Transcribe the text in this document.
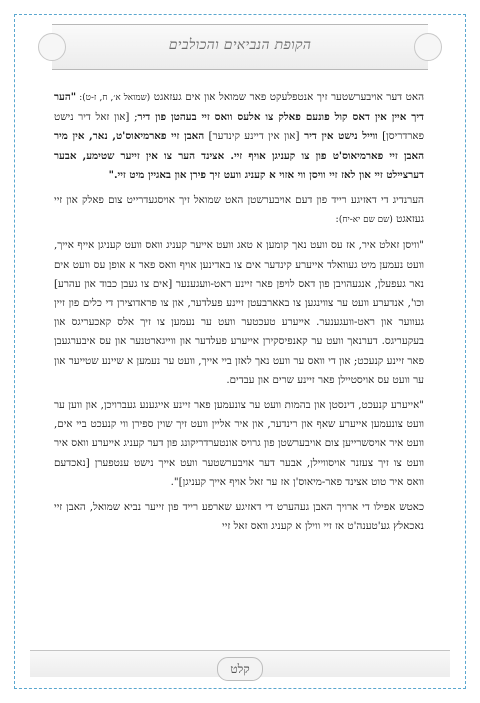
הקופת הנביאים והכולבים

האט דער אויבערשטער זיך אנטפלעקט פאר שמואל און אים געזאגט (שמואל א׳, ח, ז-ט): "הער דיך איין אין דאס קול פונעם פאלק צו אלעס וואס זיי בעהטן פון דיר; [און זאל דיר נישט פארדריסן] ווייל נישט אין דיר [און אין דיינע קינדער] האבן זיי פארמיאוס'ט, נאר, אין מיר האבן זיי פארמיאוס'ט פון צו קעניגן אויף זיי. אצינד הער צו אין זייער שטימע, אבער דערציילט זיי און לאז זיי וויסן ווי אזוי א קעניג וועט זיך פירן און באגיין מיט זיי."

הערנדיג די דאזיגע רייד פון דעם אויבערשטן האט שמואל זיך אויסגעדרייט צום פאלק און זיי געזאגט (שם שם יא-יח):

"וויסן זאלט איר, אז עס וועט נאך קומען א טאג וועט אייער קעניג וואס וועט קעניגן אייף אייך, וועט נעמען מיט געוואלד אייערע קינדער אים צו באדינען אויף וואס פאר א אופן עס וועט אים נאר געפעלן, אנגעהויבן פון דאס לויפן פאר זיינע ראט-וועגענער [אים צו געבן כבוד און עהרע] וכו', אנדערע וועט ער צווינגען צו באארבעטן זיינע פעלדער, און צו פראדוצירן די כלים פון זיין געווער און ראט-וועגענער. אייערע טעכטער וועט ער נעמען צו זיך אלס קאכעריגס און בעקעריגס. דערנאך וועט ער קאנפיסקירן אייערע פעלדער און ווייגארטנער און עס איבערגעבן פאר זיינע קנעכט; און די וואס ער וועט נאך לאזן ביי אייך, וועט ער נעמען א שיינע שטייער און ער וועט עס אויסטיילן פאר זיינע שרים און עבדים.

"אייערע קנעכט, דינסטן און בהמות וועט ער צונעמען פאר זיינע אייגענע געברויכן, און ווען ער וועט צונעמען אייערע שאף און רינדער, און איר אליין וועט זיך שוין ספירן ווי קנעכט ביי אים, וועט איר אויסשרייען צום אויבערשטן פון גרויס אונטערדריקונג פון דער קעניג אייערע וואס איר וועט צו זיך צעזנר אויסוויילן, אבער דער אויבערשטער וועט אייך נישט ענטפערן [נאכדעם וואס איר טוט אצינד פאר-מיאוס'ן אז ער זאל אויף אייך קעניגן]".

כאטש אפילו די ארויך האבן געהערט די דאזיגע שארפע רייד פון זייער נביא שמואל, האבן זיי נאכאלץ גע'טענה'ט אז זיי ווילן א קעניג וואס זאל זיי

קלט
